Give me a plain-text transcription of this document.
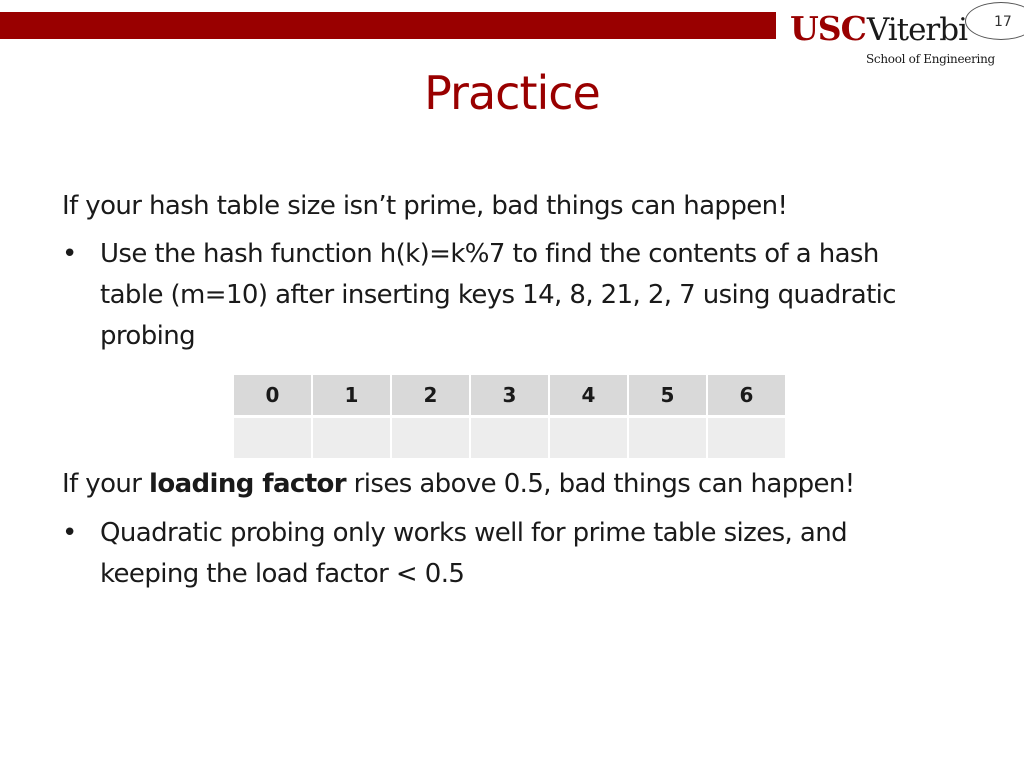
USCViterbi
School of Engineering
17
Practice
If your hash table size isn’t prime, bad things can happen!
• Use the hash function h(k)=k%7 to find the contents of a hash
table (m=10) after inserting keys 14, 8, 21, 2, 7 using quadratic
probing
0	1	2	3	4	5	6
If your loading factor rises above 0.5, bad things can happen!
• Quadratic probing only works well for prime table sizes, and
keeping the load factor < 0.5
